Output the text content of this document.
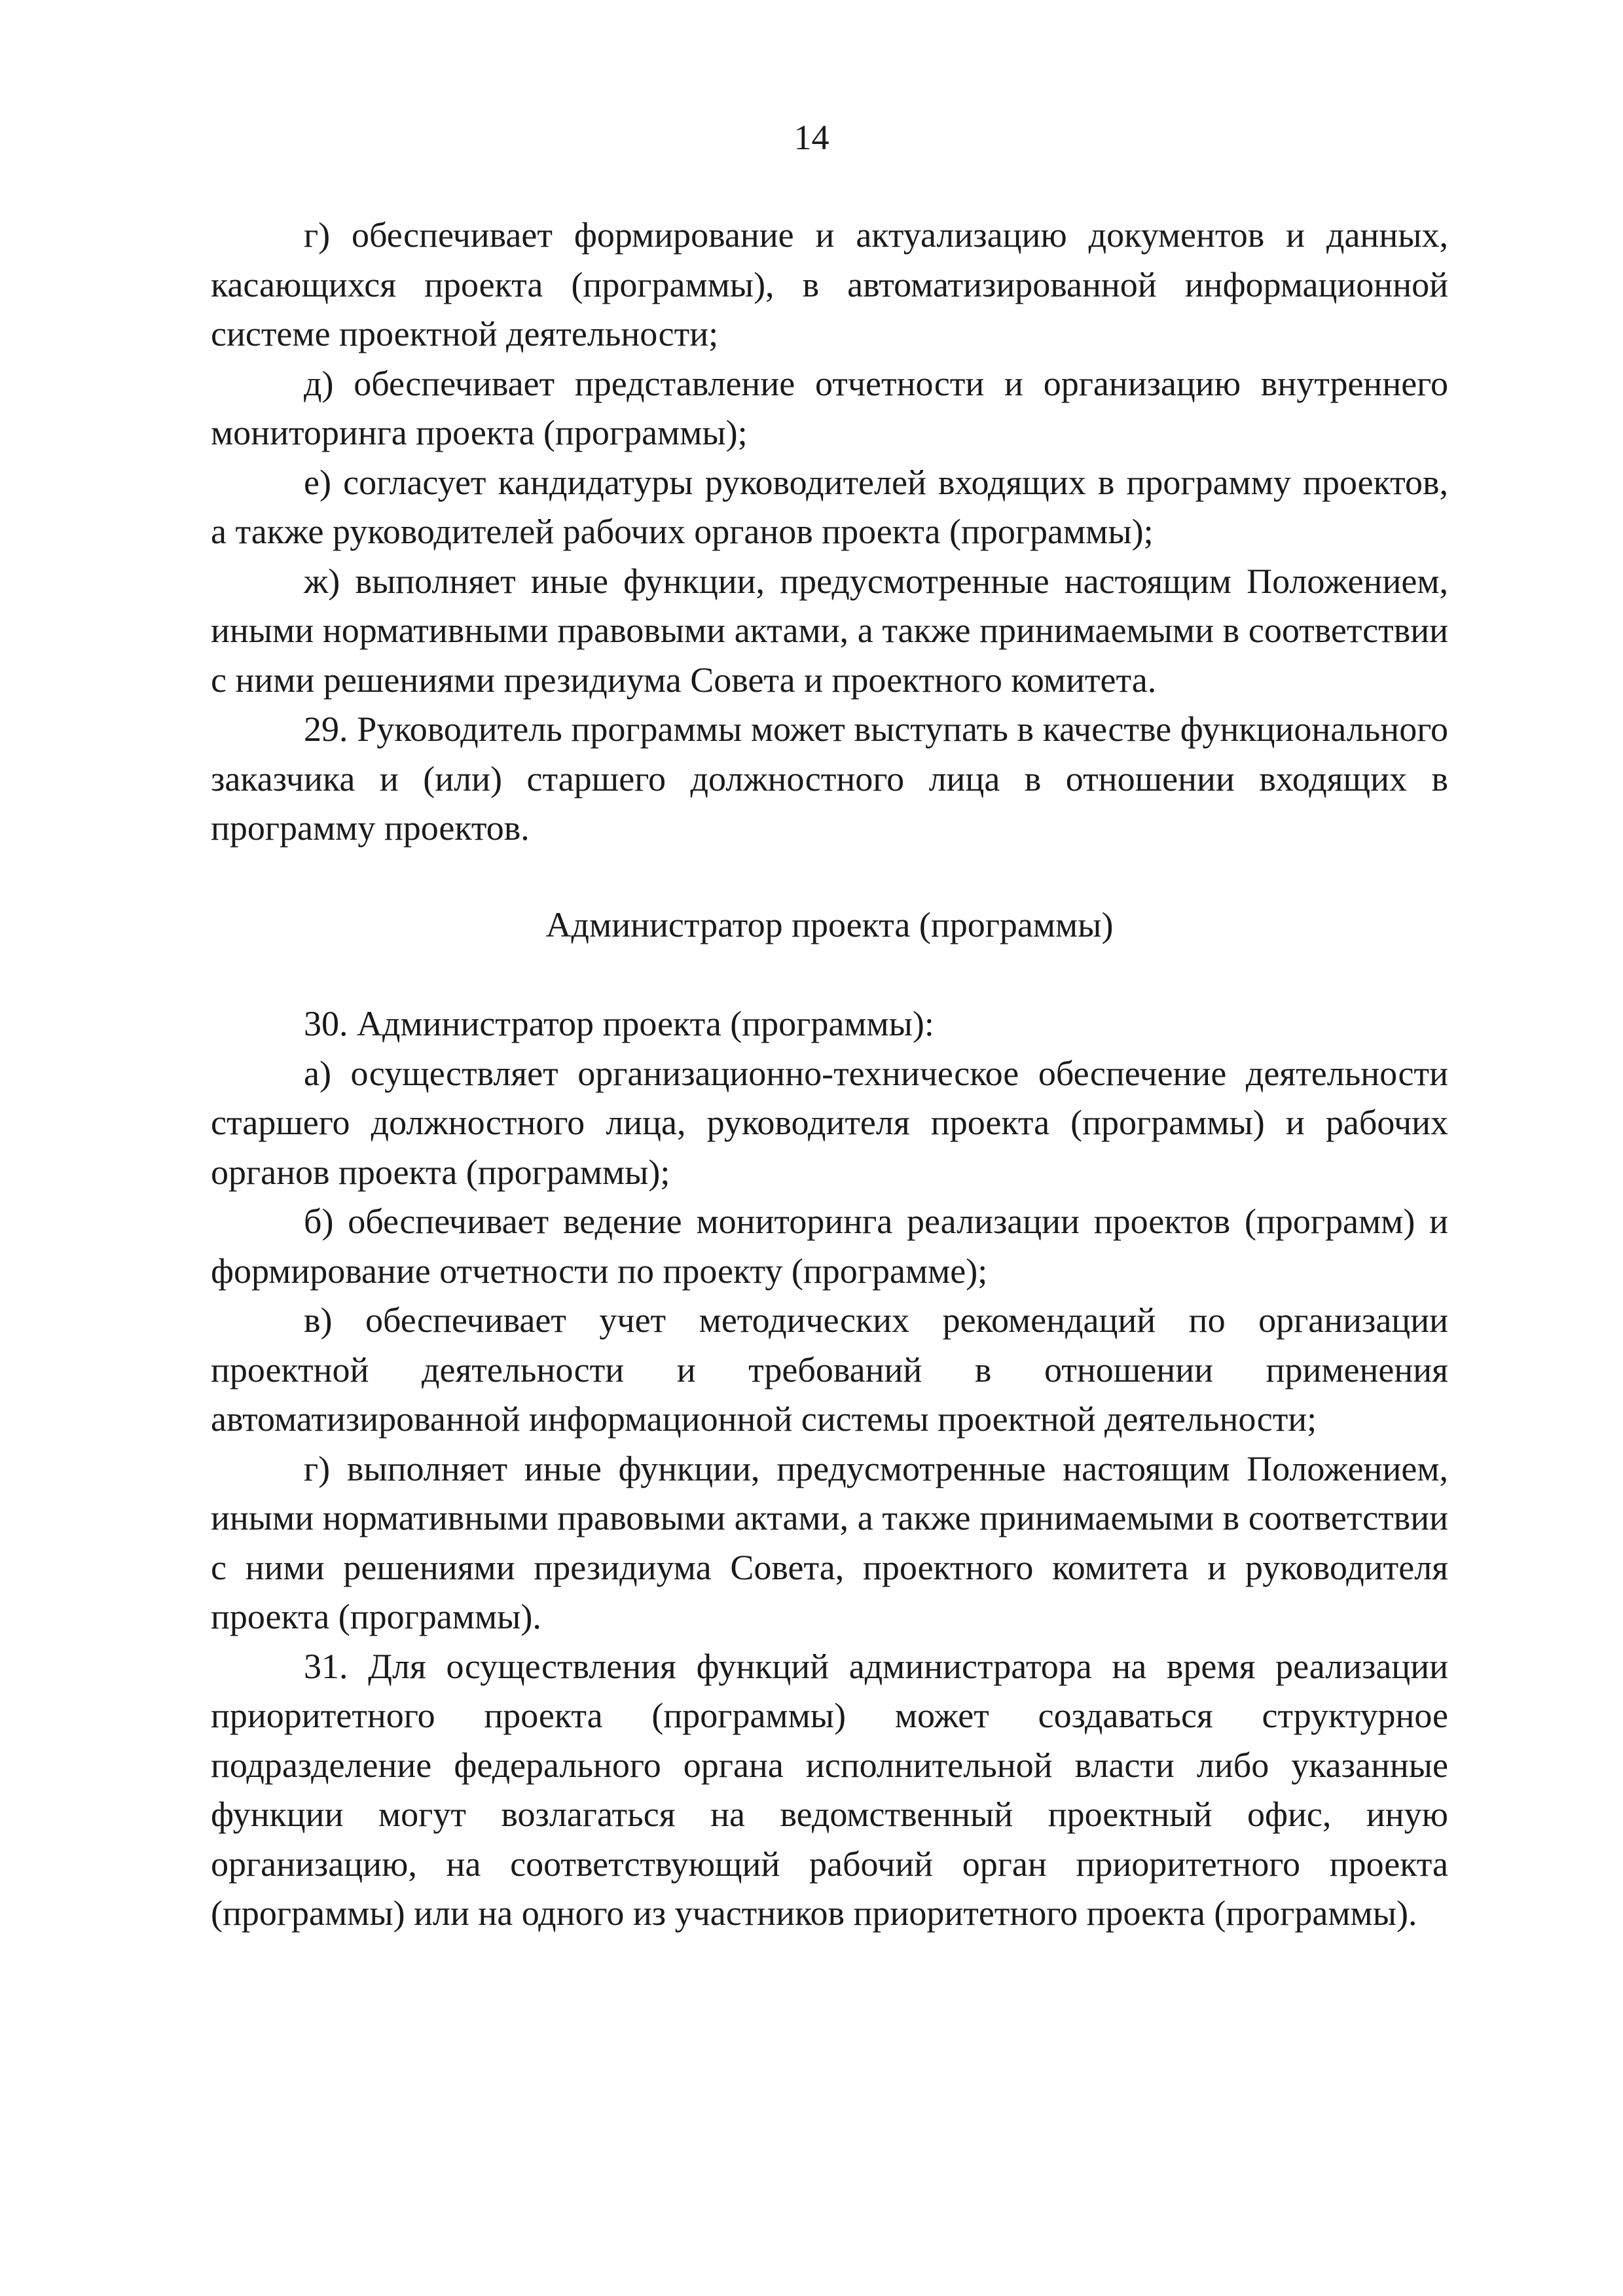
14

г) обеспечивает формирование и актуализацию документов и данных, касающихся проекта (программы), в автоматизированной информационной системе проектной деятельности;

д) обеспечивает представление отчетности и организацию внутреннего мониторинга проекта (программы);

е) согласует кандидатуры руководителей входящих в программу проектов, а также руководителей рабочих органов проекта (программы);

ж) выполняет иные функции, предусмотренные настоящим Положением, иными нормативными правовыми актами, а также принимаемыми в соответствии с ними решениями президиума Совета и проектного комитета.

29. Руководитель программы может выступать в качестве функционального заказчика и (или) старшего должностного лица в отношении входящих в программу проектов.

Администратор проекта (программы)

30. Администратор проекта (программы):

а) осуществляет организационно-техническое обеспечение деятельности старшего должностного лица, руководителя проекта (программы) и рабочих органов проекта (программы);

б) обеспечивает ведение мониторинга реализации проектов (программ) и формирование отчетности по проекту (программе);

в) обеспечивает учет методических рекомендаций по организации проектной деятельности и требований в отношении применения автоматизированной информационной системы проектной деятельности;

г) выполняет иные функции, предусмотренные настоящим Положением, иными нормативными правовыми актами, а также принимаемыми в соответствии с ними решениями президиума Совета, проектного комитета и руководителя проекта (программы).

31. Для осуществления функций администратора на время реализации приоритетного проекта (программы) может создаваться структурное подразделение федерального органа исполнительной власти либо указанные функции могут возлагаться на ведомственный проектный офис, иную организацию, на соответствующий рабочий орган приоритетного проекта (программы) или на одного из участников приоритетного проекта (программы).
